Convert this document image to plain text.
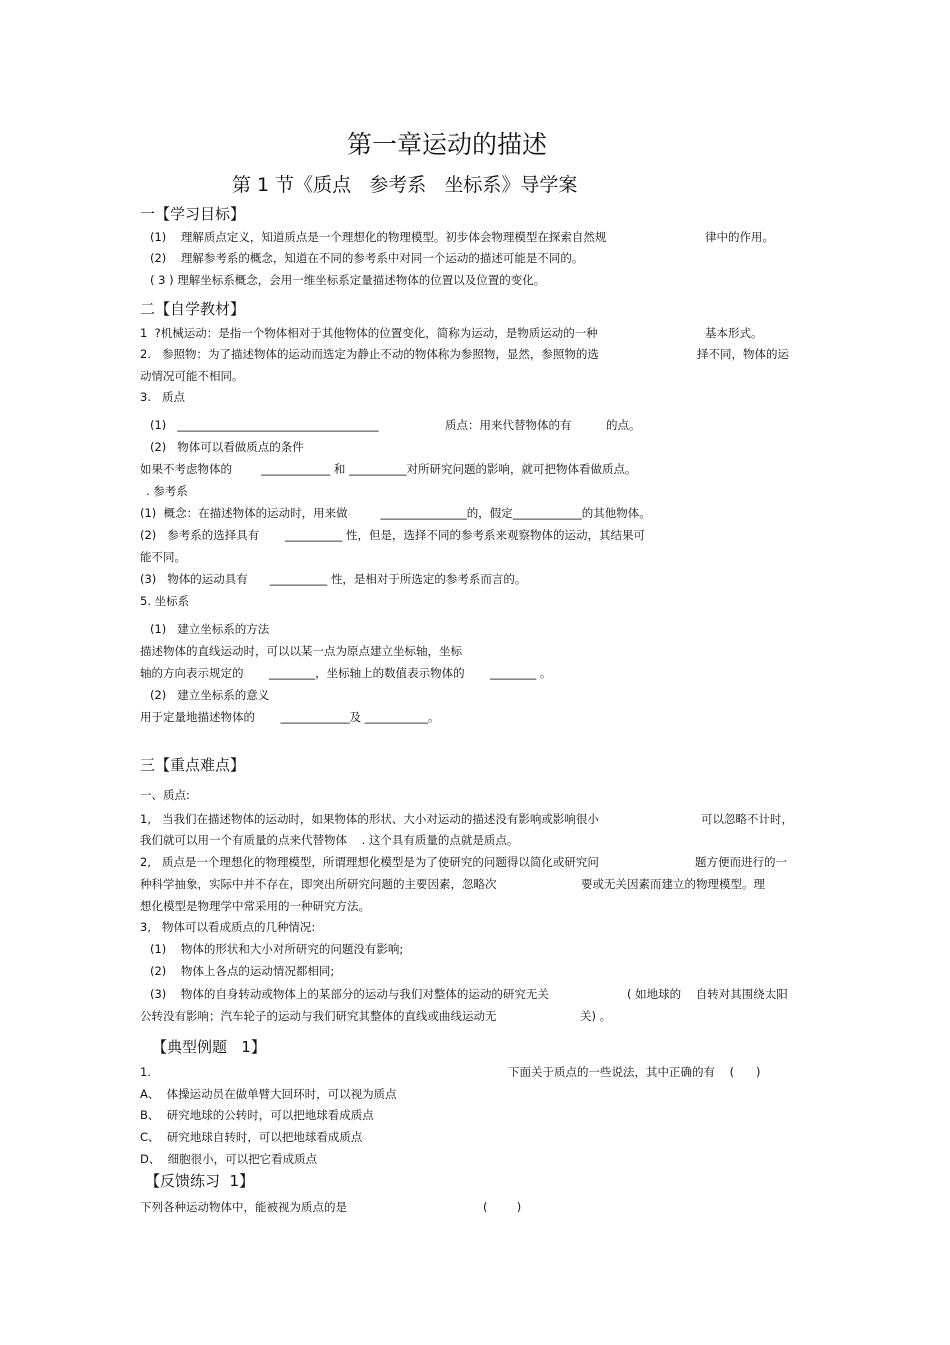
第一章运动的描述
第 1 节《质点   参考系   坐标系》导学案
一【学习目标】
(1)    理解质点定义，知道质点是一个理想化的物理模型。初步体会物理模型在探索自然规	律中的作用。
(2)    理解参考系的概念，知道在不同的参考系中对同一个运动的描述可能是不同的。
( 3 ) 理解坐标系概念，会用一维坐标系定量描述物体的位置以及位置的变化。
二【自学教材】
1  ?机械运动：是指一个物体相对于其他物体的位置变化，简称为运动，是物质运动的一种	基本形式。
2.   参照物：为了描述物体的运动而选定为静止不动的物体称为参照物，显然，参照物的选	择不同，物体的运
动情况可能不相同。
3.   质点
(1)   ___________________________________	质点：用来代替物体的有	的点。
(2)   物体可以看做质点的条件
如果不考虑物体的        ____________ 和 __________对所研究问题的影响，就可把物体看做质点。
. 参考系
(1)  概念：在描述物体的运动时，用来做         _______________的，假定____________的其他物体。
(2)   参考系的选择具有       __________ 性，但是，选择不同的参考系来观察物体的运动，其结果可
能不同。
(3)   物体的运动具有      __________ 性，是相对于所选定的参考系而言的。
5. 坐标系
(1)   建立坐标系的方法
描述物体的直线运动时，可以以某一点为原点建立坐标轴，坐标
轴的方向表示规定的       ________，坐标轴上的数值表示物体的       ________ 。
(2)   建立坐标系的意义
用于定量地描述物体的       ____________及 ___________。
三【重点难点】
一、质点:
1,   当我们在描述物体的运动时，如果物体的形状、大小对运动的描述没有影响或影响很小	可以忽略不计时，
我们就可以用一个有质量的点来代替物体    . 这个具有质量的点就是质点。
2,   质点是一个理想化的物理模型，所谓理想化模型是为了使研究的问题得以简化或研究问	题方便而进行的一
种科学抽象，实际中并不存在，即突出所研究问题的主要因素，忽略次	要或无关因素而建立的物理模型。理
想化模型是物理学中常采用的一种研究方法。
3,   物体可以看成质点的几种情况:
(1)    物体的形状和大小对所研究的问题没有影响;
(2)    物体上各点的运动情况都相同;
(3)    物体的自身转动或物体上的某部分的运动与我们对整体的运动的研究无关	( 如地球的    自转对其围绕太阳
公转没有影响；汽车轮子的运动与我们研究其整体的直线或曲线运动无	关) 。
【典型例题   1】
1.	下面关于质点的一些说法，其中正确的有    (      )
A、  体操运动员在做单臂大回环时，可以视为质点
B、  研究地球的公转时，可以把地球看成质点
C、  研究地球自转时，可以把地球看成质点
D、  细胞很小，可以把它看成质点
【反馈练习  1】
下列各种运动物体中，能被视为质点的是	(        )
